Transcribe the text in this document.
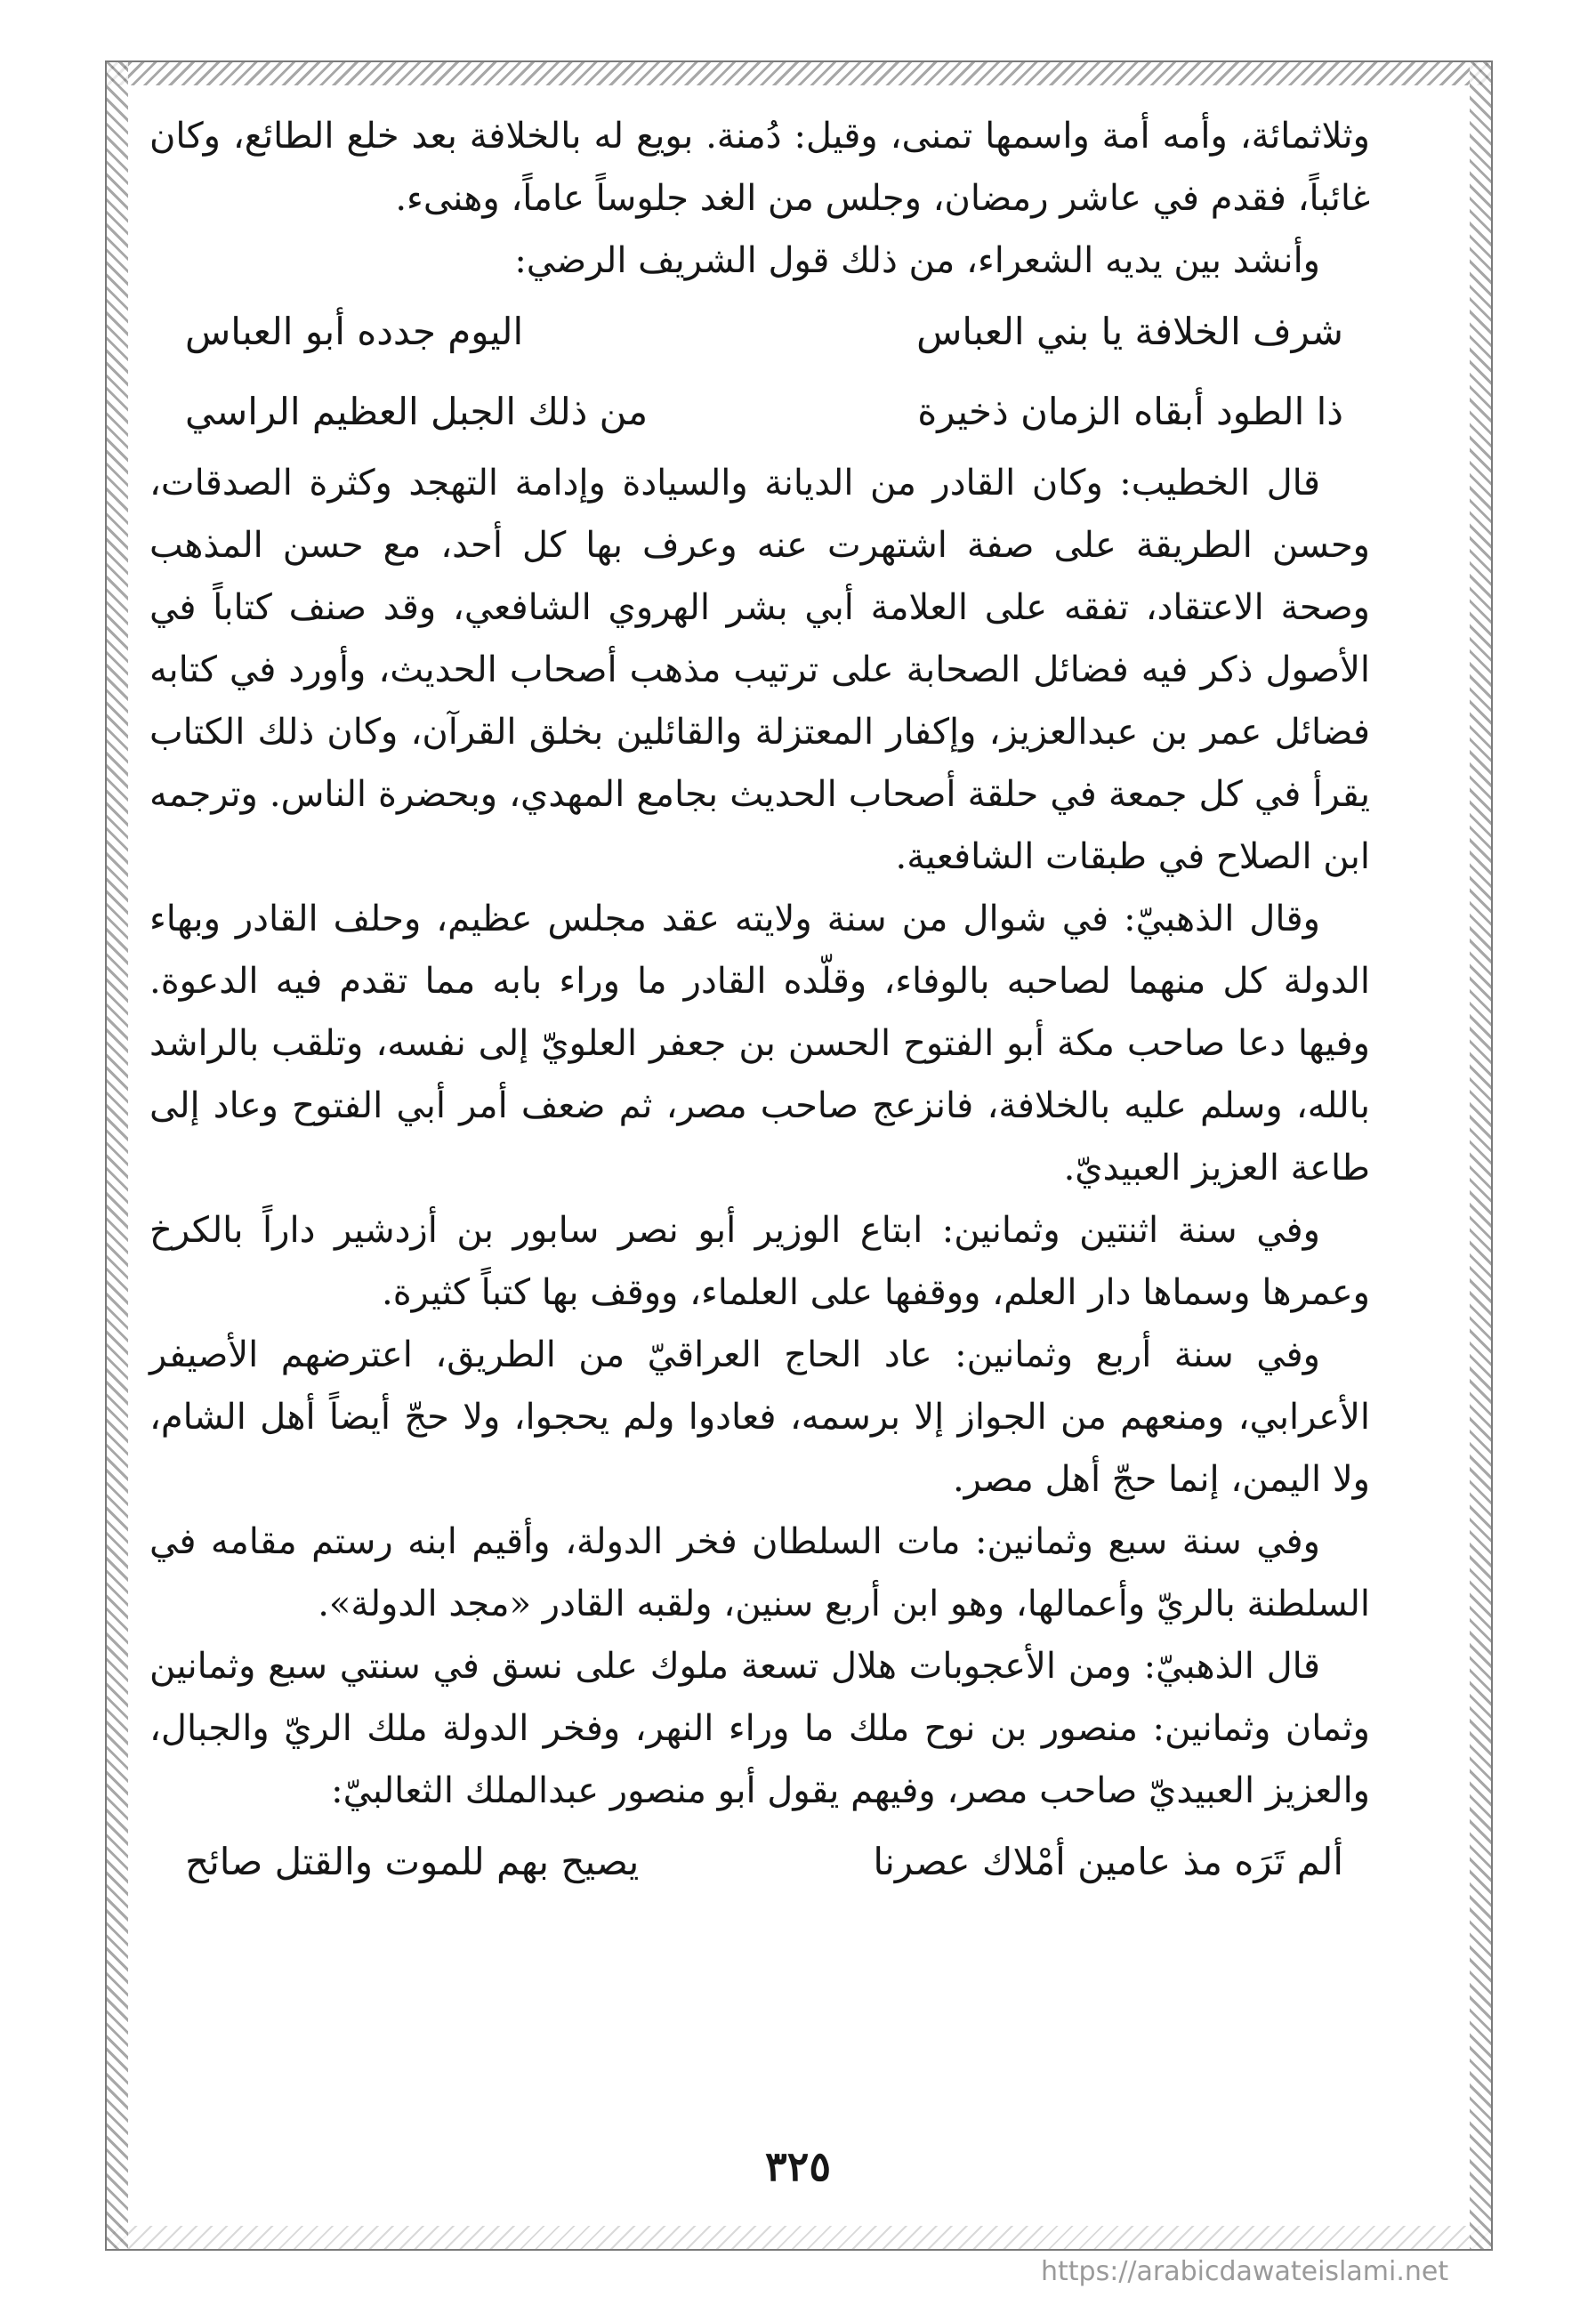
وثلاثمائة، وأمه أمة واسمها تمنى، وقيل: دُمنة. بويع له بالخلافة بعد خلع الطائع، وكان غائباً، فقدم في عاشر رمضان، وجلس من الغد جلوساً عاماً، وهنىء.

وأنشد بين يديه الشعراء، من ذلك قول الشريف الرضي:

شرف الخلافة يا بني العباس
اليوم جدده أبو العباس
ذا الطود أبقاه الزمان ذخيرة
من ذلك الجبل العظيم الراسي

قال الخطيب: وكان القادر من الديانة والسيادة وإدامة التهجد وكثرة الصدقات، وحسن الطريقة على صفة اشتهرت عنه وعرف بها كل أحد، مع حسن المذهب وصحة الاعتقاد، تفقه على العلامة أبي بشر الهروي الشافعي، وقد صنف كتاباً في الأصول ذكر فيه فضائل الصحابة على ترتيب مذهب أصحاب الحديث، وأورد في كتابه فضائل عمر بن عبدالعزيز، وإكفار المعتزلة والقائلين بخلق القرآن، وكان ذلك الكتاب يقرأ في كل جمعة في حلقة أصحاب الحديث بجامع المهدي، وبحضرة الناس. وترجمه ابن الصلاح في طبقات الشافعية.

وقال الذهبيّ: في شوال من سنة ولايته عقد مجلس عظيم، وحلف القادر وبهاء الدولة كل منهما لصاحبه بالوفاء، وقلّده القادر ما وراء بابه مما تقدم فيه الدعوة. وفيها دعا صاحب مكة أبو الفتوح الحسن بن جعفر العلويّ إلى نفسه، وتلقب بالراشد بالله، وسلم عليه بالخلافة، فانزعج صاحب مصر، ثم ضعف أمر أبي الفتوح وعاد إلى طاعة العزيز العبيديّ.

وفي سنة اثنتين وثمانين: ابتاع الوزير أبو نصر سابور بن أزدشير داراً بالكرخ وعمرها وسماها دار العلم، ووقفها على العلماء، ووقف بها كتباً كثيرة.

وفي سنة أربع وثمانين: عاد الحاج العراقيّ من الطريق، اعترضهم الأصيفر الأعرابي، ومنعهم من الجواز إلا برسمه، فعادوا ولم يحجوا، ولا حجّ أيضاً أهل الشام، ولا اليمن، إنما حجّ أهل مصر.

وفي سنة سبع وثمانين: مات السلطان فخر الدولة، وأقيم ابنه رستم مقامه في السلطنة بالريّ وأعمالها، وهو ابن أربع سنين، ولقبه القادر «مجد الدولة».

قال الذهبيّ: ومن الأعجوبات هلال تسعة ملوك على نسق في سنتي سبع وثمانين وثمان وثمانين: منصور بن نوح ملك ما وراء النهر، وفخر الدولة ملك الريّ والجبال، والعزيز العبيديّ صاحب مصر، وفيهم يقول أبو منصور عبدالملك الثعالبيّ:

ألم تَرَه مذ عامين أمْلاك عصرنا
يصيح بهم للموت والقتل صائح
٣٢٥
https://arabicdawateislami.net
